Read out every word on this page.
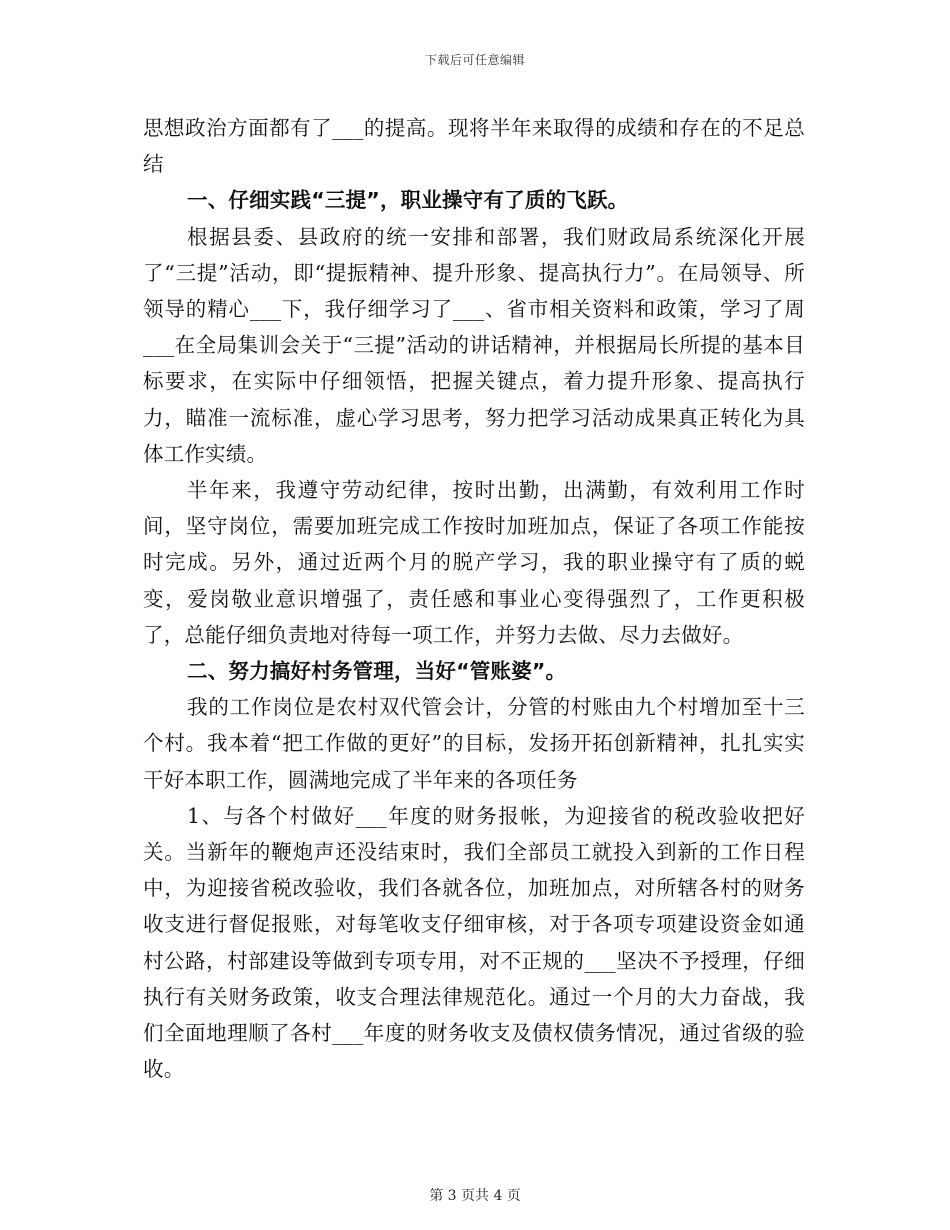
下载后可任意编辑

思想政治方面都有了___的提高。现将半年来取得的成绩和存在的不足总结

一、仔细实践“三提”，职业操守有了质的飞跃。

根据县委、县政府的统一安排和部署，我们财政局系统深化开展了“三提”活动，即“提振精神、提升形象、提高执行力”。在局领导、所领导的精心___下，我仔细学习了___、省市相关资料和政策，学习了周___在全局集训会关于“三提”活动的讲话精神，并根据局长所提的基本目标要求，在实际中仔细领悟，把握关键点，着力提升形象、提高执行力，瞄准一流标准，虚心学习思考，努力把学习活动成果真正转化为具体工作实绩。

半年来，我遵守劳动纪律，按时出勤，出满勤，有效利用工作时间，坚守岗位，需要加班完成工作按时加班加点，保证了各项工作能按时完成。另外，通过近两个月的脱产学习，我的职业操守有了质的蜕变，爱岗敬业意识增强了，责任感和事业心变得强烈了，工作更积极了，总能仔细负责地对待每一项工作，并努力去做、尽力去做好。

二、努力搞好村务管理，当好“管账婆”。

我的工作岗位是农村双代管会计，分管的村账由九个村增加至十三个村。我本着“把工作做的更好”的目标，发扬开拓创新精神，扎扎实实干好本职工作，圆满地完成了半年来的各项任务

1、与各个村做好___年度的财务报帐，为迎接省的税改验收把好关。当新年的鞭炮声还没结束时，我们全部员工就投入到新的工作日程中，为迎接省税改验收，我们各就各位，加班加点，对所辖各村的财务收支进行督促报账，对每笔收支仔细审核，对于各项专项建设资金如通村公路，村部建设等做到专项专用，对不正规的___坚决不予授理，仔细执行有关财务政策，收支合理法律规范化。通过一个月的大力奋战，我们全面地理顺了各村___年度的财务收支及债权债务情况，通过省级的验收。

第 3 页共 4 页
